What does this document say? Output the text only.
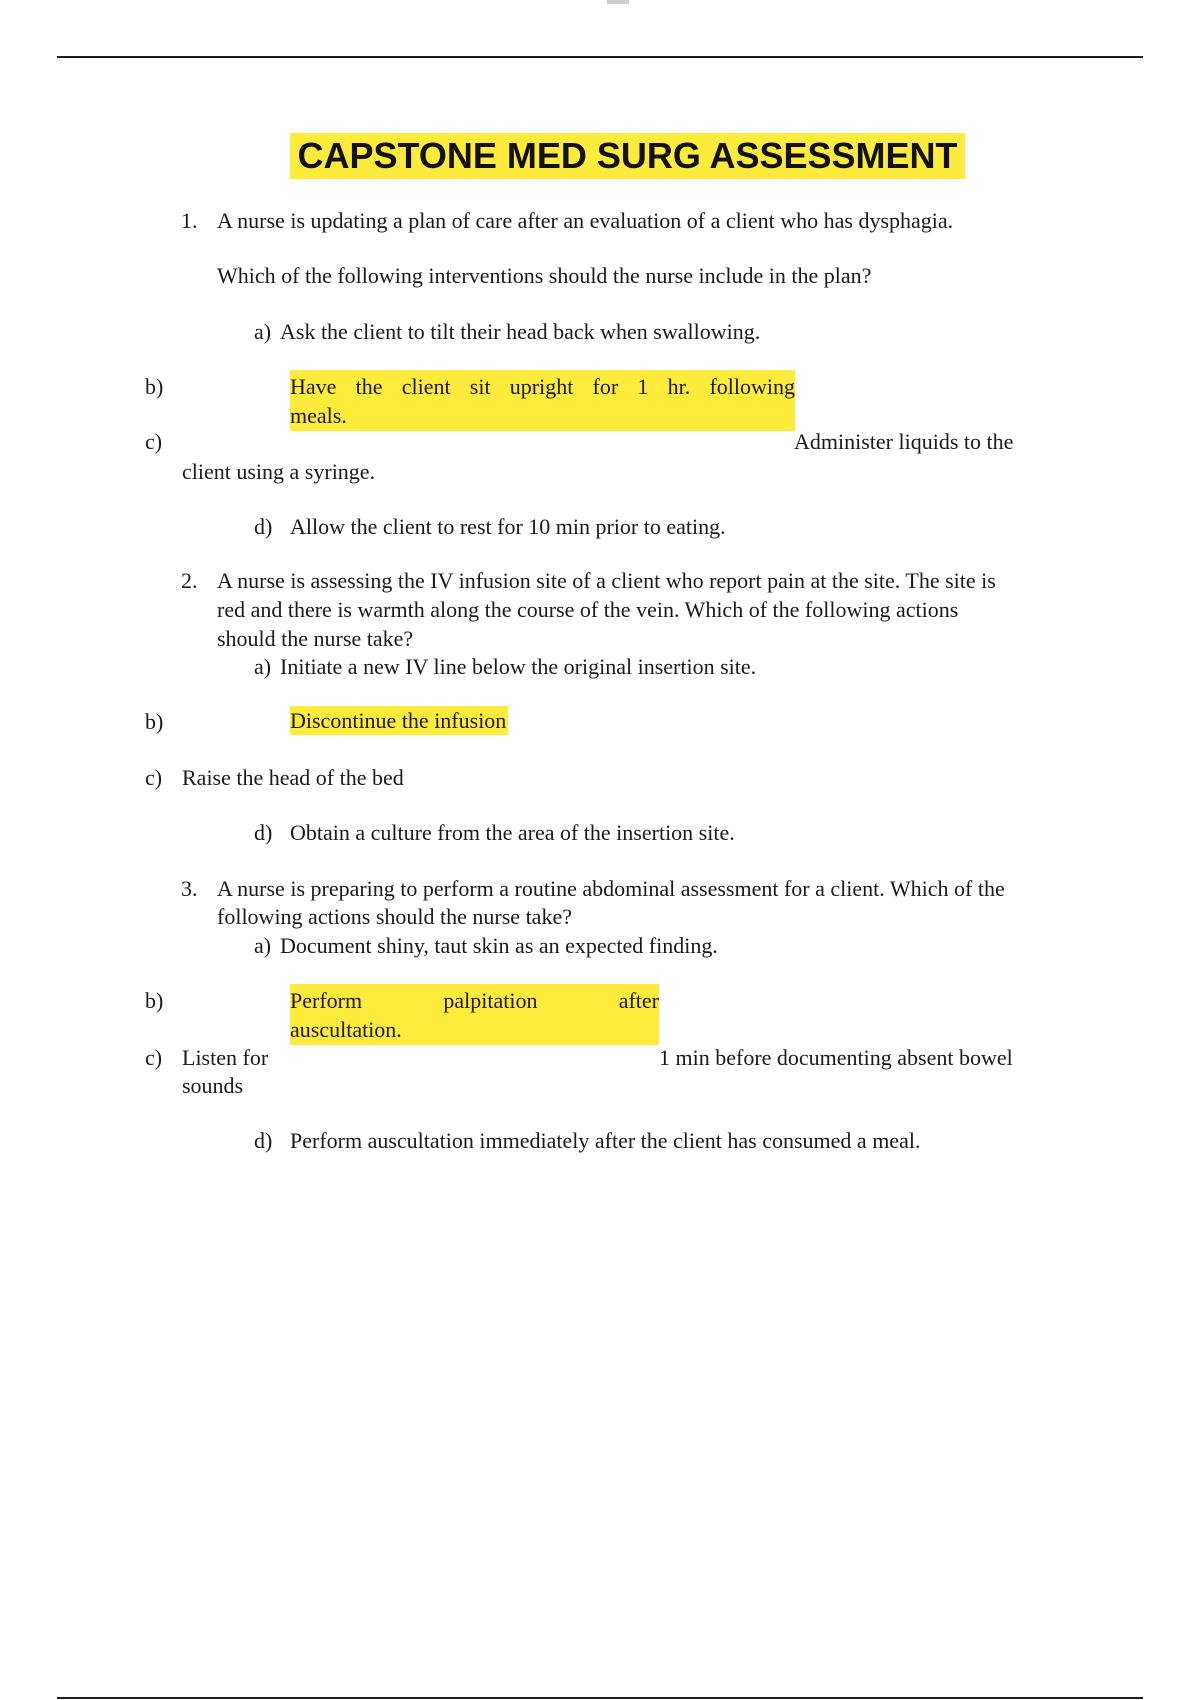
CAPSTONE MED SURG ASSESSMENT
1. A nurse is updating a plan of care after an evaluation of a client who has dysphagia.
Which of the following interventions should the nurse include in the plan?
a) Ask the client to tilt their head back when swallowing.
b)	Have the client sit upright for 1 hr. following
meals.
c)	Administer liquids to the
client using a syringe.
d) Allow the client to rest for 10 min prior to eating.
2. A nurse is assessing the IV infusion site of a client who report pain at the site. The site is
red and there is warmth along the course of the vein. Which of the following actions
should the nurse take?
a) Initiate a new IV line below the original insertion site.
b)	Discontinue the infusion
c) Raise the head of the bed
d) Obtain a culture from the area of the insertion site.
3. A nurse is preparing to perform a routine abdominal assessment for a client. Which of the
following actions should the nurse take?
a) Document shiny, taut skin as an expected finding.
b)	Perform palpitation after
auscultation.
c) Listen for	1 min before documenting absent bowel
sounds
d) Perform auscultation immediately after the client has consumed a meal.
